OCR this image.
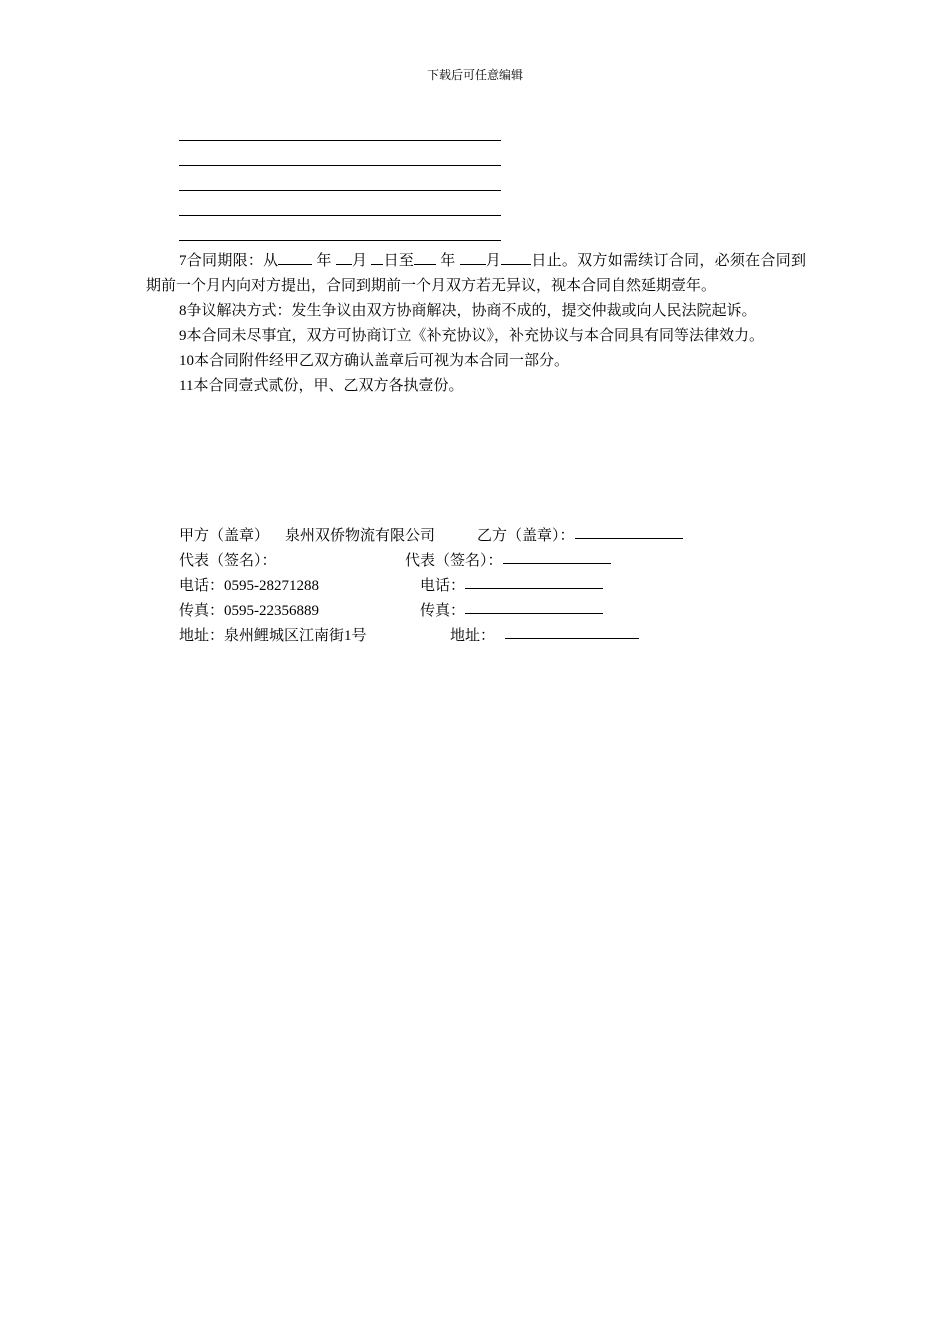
下载后可任意编辑

7合同期限：从	年 月 日至 年 月 日止。双方如需续订合同，必须在合同到期前一个月内向对方提出，合同到期前一个月双方若无异议，视本合同自然延期壹年。

8争议解决方式：发生争议由双方协商解决，协商不成的，提交仲裁或向人民法院起诉。

9本合同未尽事宜，双方可协商订立《补充协议》，补充协议与本合同具有同等法律效力。

10本合同附件经甲乙双方确认盖章后可视为本合同一部分。

11本合同壹式贰份，甲、乙双方各执壹份。

甲方（盖章） 泉州双侨物流有限公司	乙方（盖章）：
代表（签名）：	代表（签名）：
电话：0595-28271288	电话：
传真：0595-22356889	传真：
地址：泉州鲤城区江南街1号	地址：
